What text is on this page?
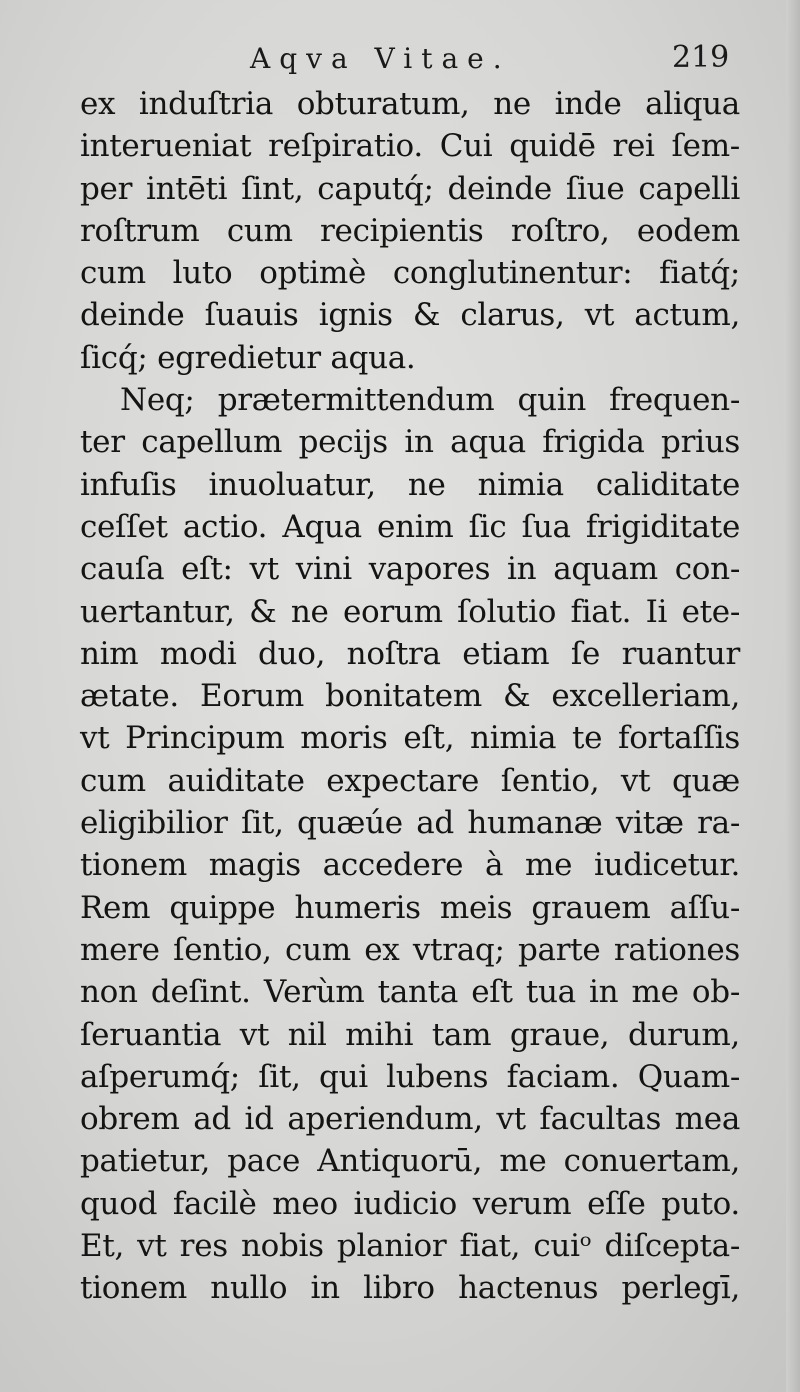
Aqva Vitae.	219
ex induſtria obturatum, ne inde aliqua
interueniat reſpiratio. Cui quidē rei ſem-
per intēti ſint, caputq́; deinde ſiue capelli
roſtrum cum recipientis roſtro, eodem
cum luto optimè conglutinentur: fiatq́;
deinde ſuauis ignis & clarus, vt actum,
ſicq́; egredietur aqua.
Neq; prætermittendum quin frequen-
ter capellum pecijs in aqua frigida prius
infuſis inuoluatur, ne nimia caliditate
ceſſet actio. Aqua enim ſic ſua frigiditate
cauſa eſt: vt vini vapores in aquam con-
uertantur, & ne eorum ſolutio fiat. Ii ete-
nim modi duo, noſtra etiam ſe ruantur
ætate. Eorum bonitatem & excelleriam,
vt Principum moris eſt, nimia te fortaſſis
cum auiditate expectare ſentio, vt quæ
eligibilior ſit, quæúe ad humanæ vitæ ra-
tionem magis accedere à me iudicetur.
Rem quippe humeris meis grauem aſſu-
mere ſentio, cum ex vtraq; parte rationes
non deſint. Verùm tanta eſt tua in me ob-
ſeruantia vt nil mihi tam graue, durum,
aſperumq́; ſit, qui lubens faciam. Quam-
obrem ad id aperiendum, vt facultas mea
patietur, pace Antiquorū, me conuertam,
quod facilè meo iudicio verum eſſe puto.
Et, vt res nobis planior fiat, cuiᵒ diſcepta-
tionem nullo in libro hactenus perlegī,
